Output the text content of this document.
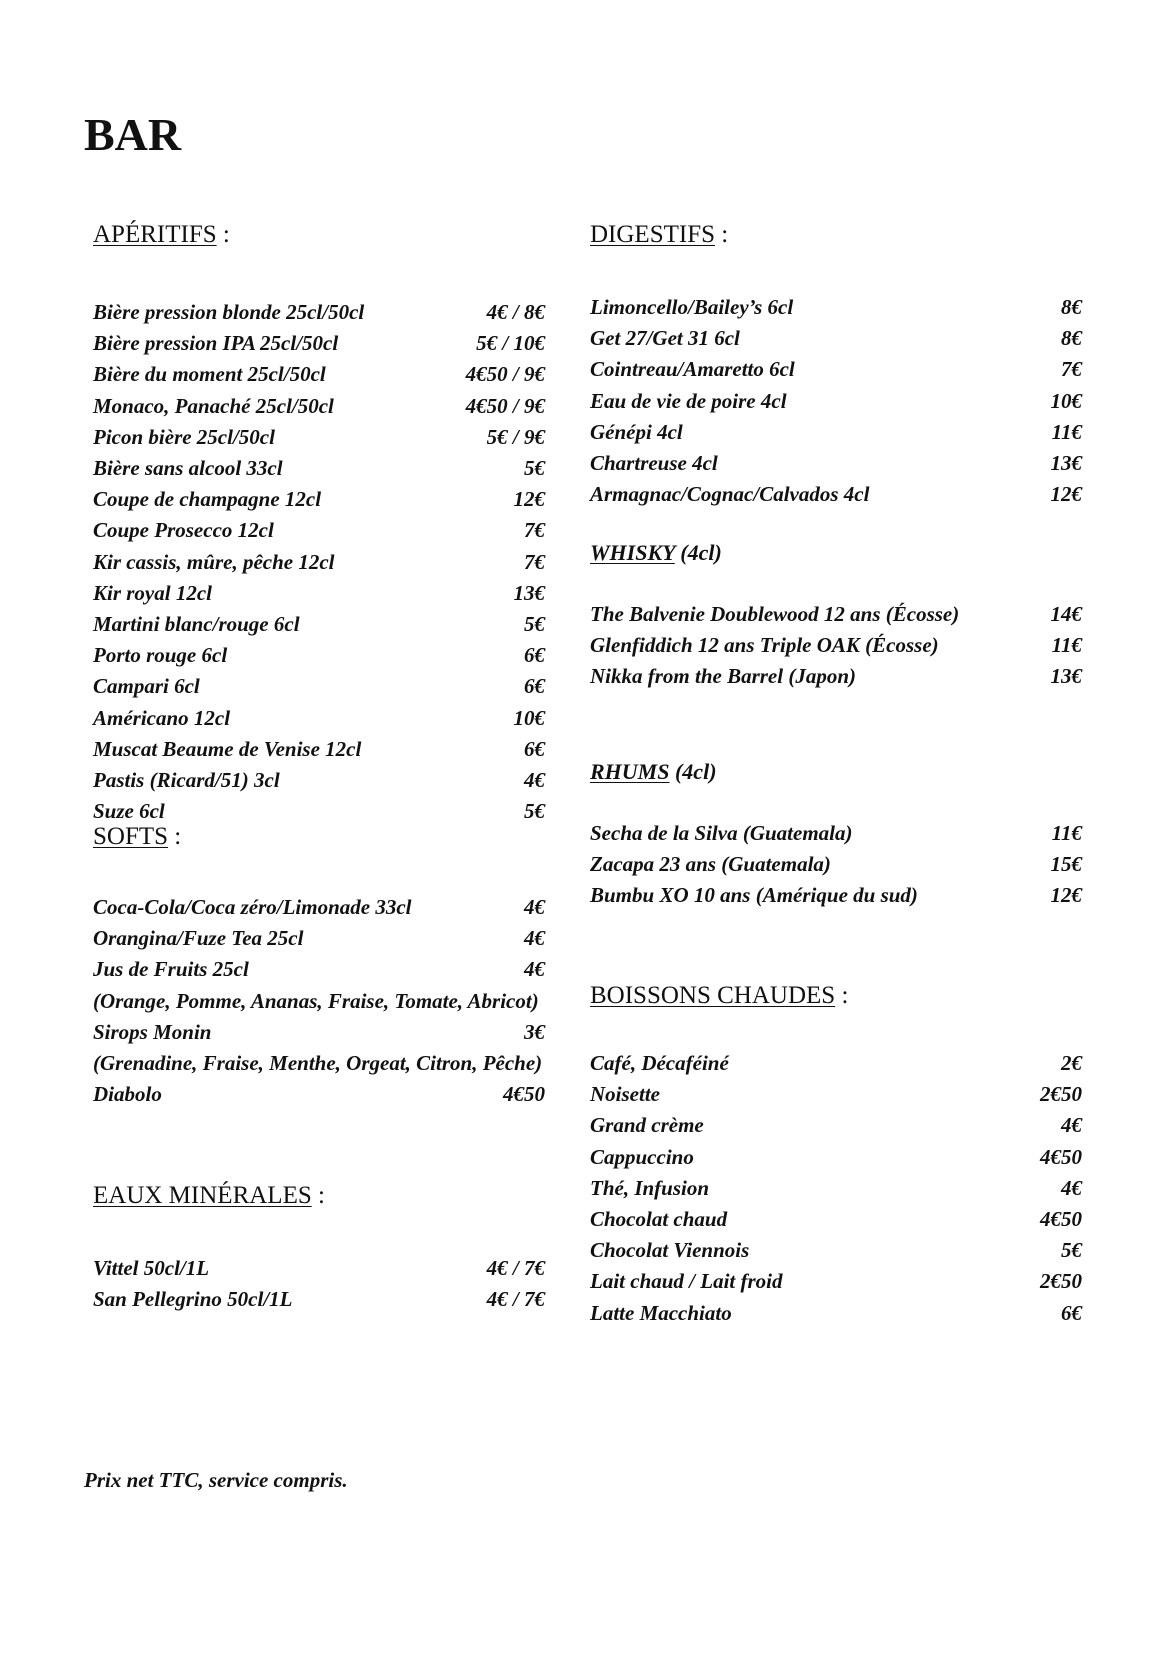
BAR
APÉRITIFS :
Bière pression blonde 25cl/50cl	4€ / 8€
Bière pression IPA 25cl/50cl	5€ / 10€
Bière du moment 25cl/50cl	4€50 / 9€
Monaco, Panaché 25cl/50cl	4€50 / 9€
Picon bière 25cl/50cl	5€ / 9€
Bière sans alcool 33cl	5€
Coupe de champagne 12cl	12€
Coupe Prosecco 12cl	7€
Kir cassis, mûre, pêche 12cl	7€
Kir royal 12cl	13€
Martini blanc/rouge 6cl	5€
Porto rouge 6cl	6€
Campari 6cl	6€
Américano 12cl	10€
Muscat Beaume de Venise 12cl	6€
Pastis (Ricard/51) 3cl	4€
Suze 6cl	5€
SOFTS :
Coca-Cola/Coca zéro/Limonade 33cl	4€
Orangina/Fuze Tea 25cl	4€
Jus de Fruits 25cl	4€
(Orange, Pomme, Ananas, Fraise, Tomate, Abricot)
Sirops Monin	3€
(Grenadine, Fraise, Menthe, Orgeat, Citron, Pêche)
Diabolo	4€50
EAUX MINÉRALES :
Vittel 50cl/1L	4€ / 7€
San Pellegrino 50cl/1L	4€ / 7€
DIGESTIFS :
Limoncello/Bailey’s 6cl	8€
Get 27/Get 31 6cl	8€
Cointreau/Amaretto 6cl	7€
Eau de vie de poire 4cl	10€
Génépi 4cl	11€
Chartreuse 4cl	13€
Armagnac/Cognac/Calvados 4cl	12€
WHISKY (4cl)
The Balvenie Doublewood 12 ans (Écosse)	14€
Glenfiddich 12 ans Triple OAK (Écosse)	11€
Nikka from the Barrel (Japon)	13€
RHUMS (4cl)
Secha de la Silva (Guatemala)	11€
Zacapa 23 ans (Guatemala)	15€
Bumbu XO 10 ans (Amérique du sud)	12€
BOISSONS CHAUDES :
Café, Décaféiné	2€
Noisette	2€50
Grand crème	4€
Cappuccino	4€50
Thé, Infusion	4€
Chocolat chaud	4€50
Chocolat Viennois	5€
Lait chaud / Lait froid	2€50
Latte Macchiato	6€
Prix net TTC, service compris.
